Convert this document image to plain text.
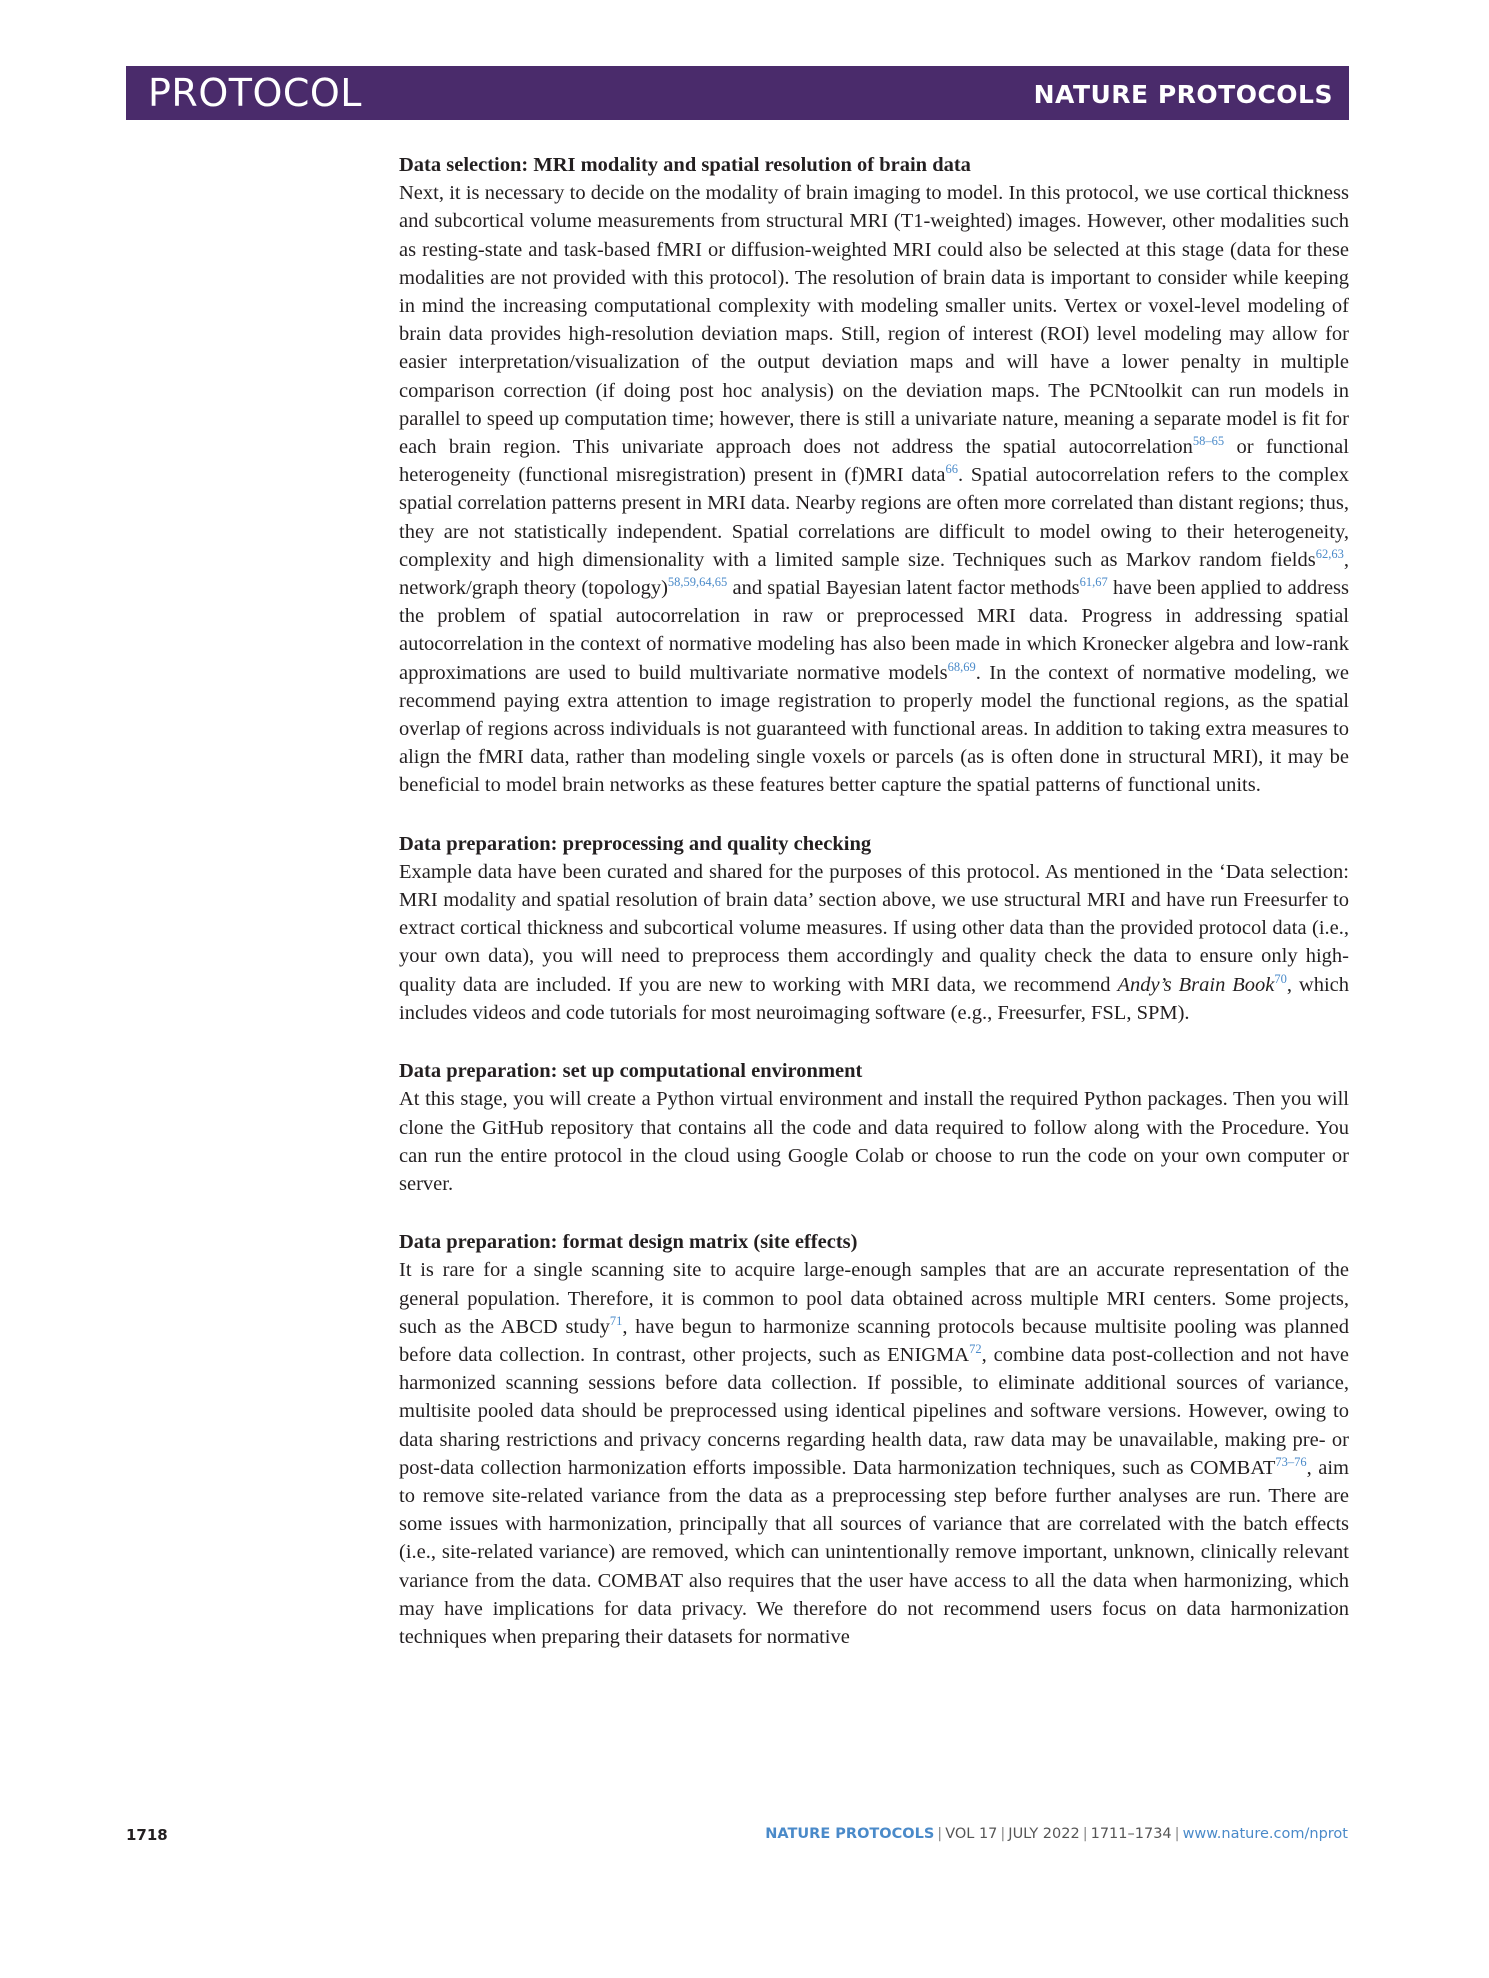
PROTOCOL	NATURE PROTOCOLS
Data selection: MRI modality and spatial resolution of brain data

Next, it is necessary to decide on the modality of brain imaging to model. In this protocol, we use cortical thickness and subcortical volume measurements from structural MRI (T1-weighted) images. However, other modalities such as resting-state and task-based fMRI or diffusion-weighted MRI could also be selected at this stage (data for these modalities are not provided with this protocol). The resolution of brain data is important to consider while keeping in mind the increasing computational complexity with modeling smaller units. Vertex or voxel-level modeling of brain data provides high-resolution deviation maps. Still, region of interest (ROI) level modeling may allow for easier interpretation/visualization of the output deviation maps and will have a lower penalty in multiple comparison correction (if doing post hoc analysis) on the deviation maps. The PCNtoolkit can run models in parallel to speed up computation time; however, there is still a univariate nature, meaning a separate model is fit for each brain region. This univariate approach does not address the spatial autocorrelation$^{58-65}$ or functional heterogeneity (functional misregistration) present in (f)MRI data$^{66}$. Spatial autocorrelation refers to the complex spatial correlation patterns present in MRI data. Nearby regions are often more correlated than distant regions; thus, they are not statistically independent. Spatial correlations are difficult to model owing to their heterogeneity, complexity and high dimensionality with a limited sample size. Techniques such as Markov random fields$^{62,63}$, network/graph theory (topology)$^{58,59,64,65}$ and spatial Bayesian latent factor methods$^{61,67}$ have been applied to address the problem of spatial autocorrelation in raw or preprocessed MRI data. Progress in addressing spatial autocorrelation in the context of normative modeling has also been made in which Kronecker algebra and low-rank approximations are used to build multivariate normative models$^{68,69}$. In the context of normative modeling, we recommend paying extra attention to image registration to properly model the functional regions, as the spatial overlap of regions across individuals is not guaranteed with functional areas. In addition to taking extra measures to align the fMRI data, rather than modeling single voxels or parcels (as is often done in structural MRI), it may be beneficial to model brain networks as these features better capture the spatial patterns of functional units.

Data preparation: preprocessing and quality checking

Example data have been curated and shared for the purposes of this protocol. As mentioned in the ‘Data selection: MRI modality and spatial resolution of brain data’ section above, we use structural MRI and have run Freesurfer to extract cortical thickness and subcortical volume measures. If using other data than the provided protocol data (i.e., your own data), you will need to preprocess them accordingly and quality check the data to ensure only high-quality data are included. If you are new to working with MRI data, we recommend Andy’s Brain Book$^{70}$, which includes videos and code tutorials for most neuroimaging software (e.g., Freesurfer, FSL, SPM).

Data preparation: set up computational environment

At this stage, you will create a Python virtual environment and install the required Python packages. Then you will clone the GitHub repository that contains all the code and data required to follow along with the Procedure. You can run the entire protocol in the cloud using Google Colab or choose to run the code on your own computer or server.

Data preparation: format design matrix (site effects)

It is rare for a single scanning site to acquire large-enough samples that are an accurate representation of the general population. Therefore, it is common to pool data obtained across multiple MRI centers. Some projects, such as the ABCD study$^{71}$, have begun to harmonize scanning protocols because multisite pooling was planned before data collection. In contrast, other projects, such as ENIGMA$^{72}$, combine data post-collection and not have harmonized scanning sessions before data collection. If possible, to eliminate additional sources of variance, multisite pooled data should be preprocessed using identical pipelines and software versions. However, owing to data sharing restrictions and privacy concerns regarding health data, raw data may be unavailable, making pre- or post-data collection harmonization efforts impossible. Data harmonization techniques, such as COMBAT$^{73-76}$, aim to remove site-related variance from the data as a preprocessing step before further analyses are run. There are some issues with harmonization, principally that all sources of variance that are correlated with the batch effects (i.e., site-related variance) are removed, which can unintentionally remove important, unknown, clinically relevant variance from the data. COMBAT also requires that the user have access to all the data when harmonizing, which may have implications for data privacy. We therefore do not recommend users focus on data harmonization techniques when preparing their datasets for normative

1718	NATURE PROTOCOLS | VOL 17 | JULY 2022 | 1711–1734 | www.nature.com/nprot
